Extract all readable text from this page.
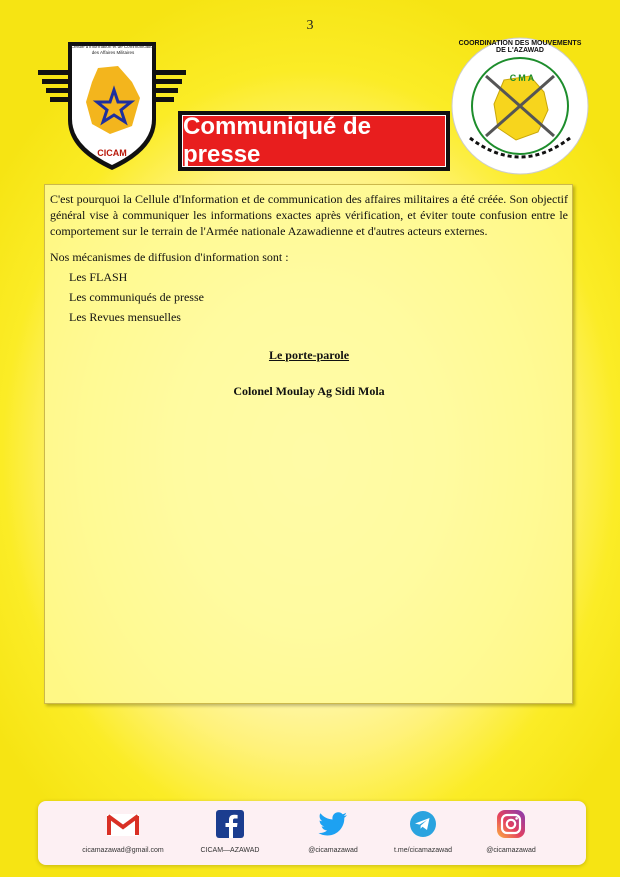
3
Cellule d'information et de Communication des Affaires Militaires
CICAM
COORDINATION DES MOUVEMENTS DE L'AZAWAD
CMA
Communiqué de presse

C'est pourquoi la Cellule d'Information et de communication des affaires militaires a été créée. Son objectif général vise à communiquer les informations exactes après vérification, et éviter toute confusion entre le comportement sur le terrain de l'Armée nationale Azawadienne et d'autres acteurs externes.

Nos mécanismes de diffusion d'information sont :

Les FLASH
Les communiqués de presse
Les Revues mensuelles

Le porte-parole

Colonel Moulay Ag Sidi Mola

cicamazawad@gmail.com	CICAM—AZAWAD	@cicamazawad	t.me/cicamazawad	@cicamazawad
